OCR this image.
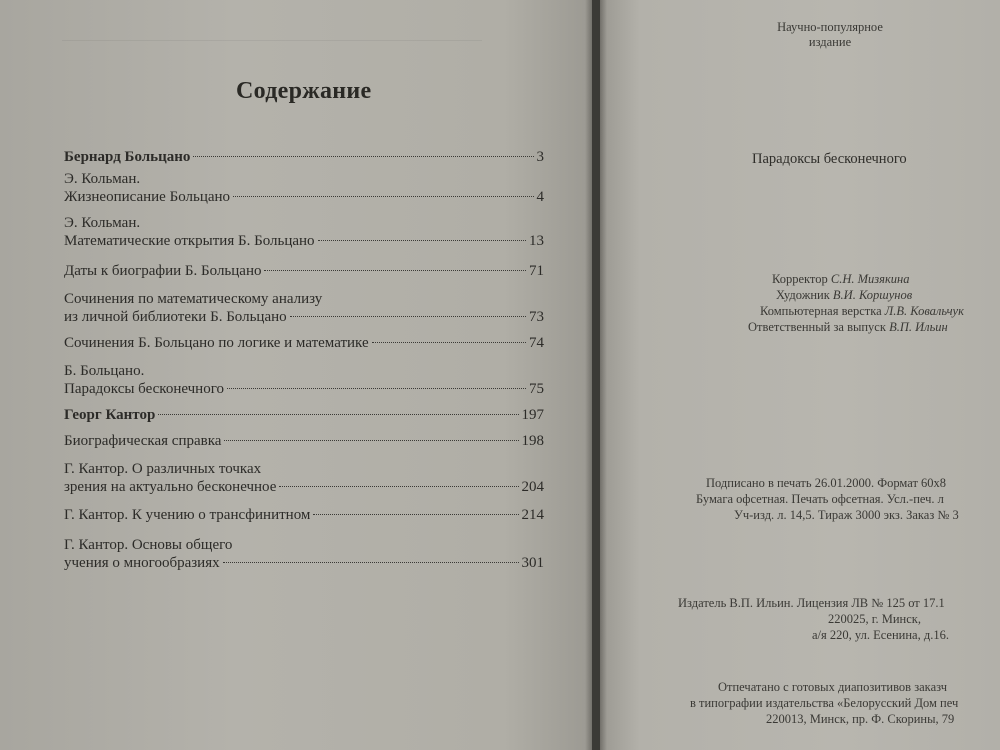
Содержание
Бернард Больцано	3
Э. Кольман.
Жизнеописание Больцано	4
Э. Кольман.
Математические открытия Б. Больцано	13
Даты к биографии Б. Больцано	71
Сочинения по математическому анализу
из личной библиотеки Б. Больцано	73
Сочинения Б. Больцано по логике и математике	74
Б. Больцано.
Парадоксы бесконечного	75
Георг Кантор	197
Биографическая справка	198
Г. Кантор. О различных точках
зрения на актуально бесконечное	204
Г. Кантор. К учению о трансфинитном	214
Г. Кантор. Основы общего
учения о многообразиях	301
Научно-популярное
издание
Парадоксы бесконечного
Корректор С.Н. Мизякина
Художник В.И. Коршунов
Компьютерная верстка Л.В. Ковальчук
Ответственный за выпуск В.П. Ильин
Подписано в печать 26.01.2000. Формат 60х8
Бумага офсетная. Печать офсетная. Усл.-печ. л
Уч-изд. л. 14,5. Тираж 3000 экз. Заказ № 3
Издатель В.П. Ильин. Лицензия ЛВ № 125 от 17.1
220025, г. Минск,
а/я 220, ул. Есенина, д.16.
Отпечатано с готовых диапозитивов заказч
в типографии издательства «Белорусский Дом печ
220013, Минск, пр. Ф. Скорины, 79
